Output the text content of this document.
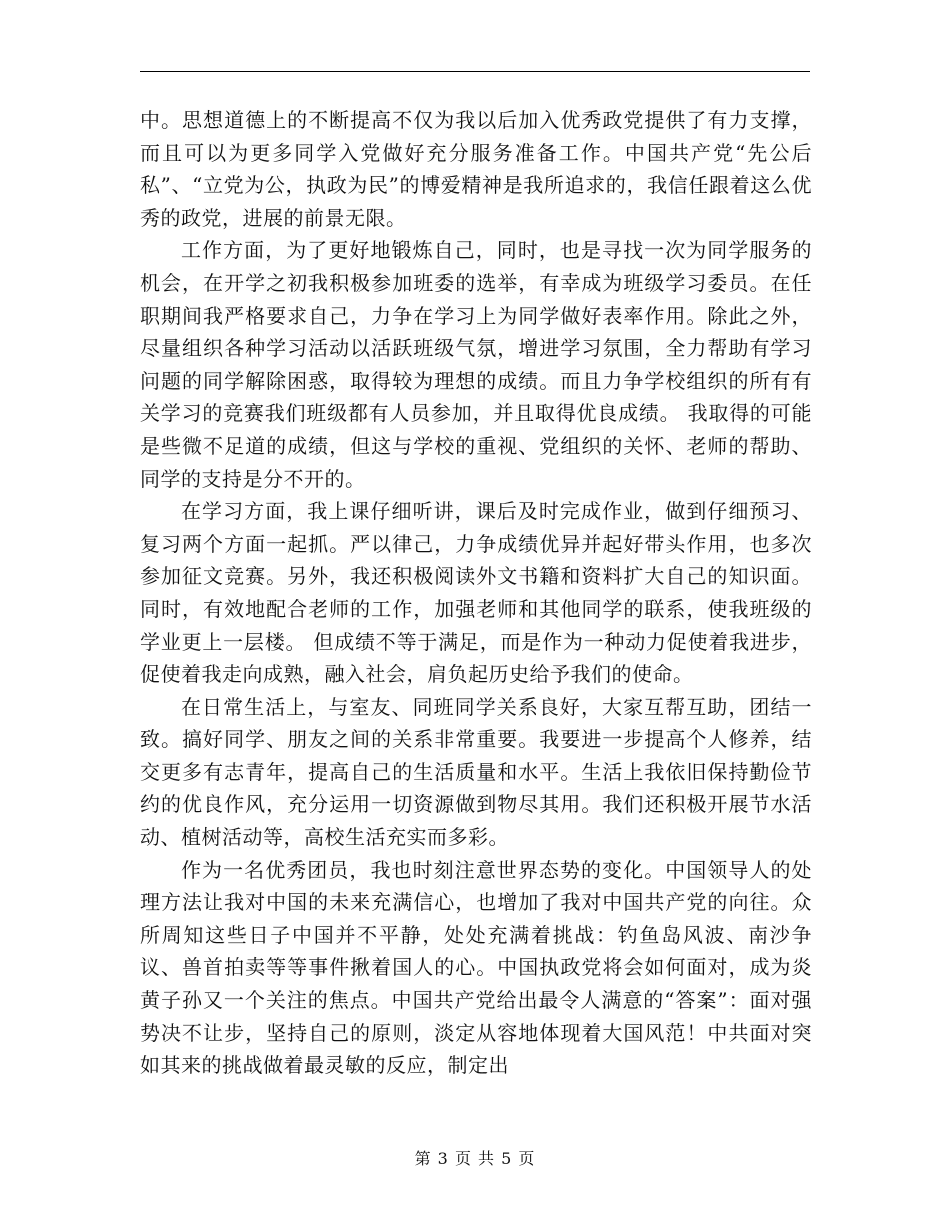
中。思想道德上的不断提高不仅为我以后加入优秀政党提供了有力支撑，而且可以为更多同学入党做好充分服务准备工作。中国共产党“先公后私”、“立党为公，执政为民”的博爱精神是我所追求的，我信任跟着这么优秀的政党，进展的前景无限。

工作方面，为了更好地锻炼自己，同时，也是寻找一次为同学服务的机会，在开学之初我积极参加班委的选举，有幸成为班级学习委员。在任职期间我严格要求自己，力争在学习上为同学做好表率作用。除此之外，尽量组织各种学习活动以活跃班级气氛，增进学习氛围，全力帮助有学习问题的同学解除困惑，取得较为理想的成绩。而且力争学校组织的所有有关学习的竞赛我们班级都有人员参加，并且取得优良成绩。 我取得的可能是些微不足道的成绩，但这与学校的重视、党组织的关怀、老师的帮助、同学的支持是分不开的。

在学习方面，我上课仔细听讲，课后及时完成作业，做到仔细预习、复习两个方面一起抓。严以律己，力争成绩优异并起好带头作用，也多次参加征文竞赛。另外，我还积极阅读外文书籍和资料扩大自己的知识面。同时，有效地配合老师的工作，加强老师和其他同学的联系，使我班级的学业更上一层楼。 但成绩不等于满足，而是作为一种动力促使着我进步，促使着我走向成熟，融入社会，肩负起历史给予我们的使命。

在日常生活上，与室友、同班同学关系良好，大家互帮互助，团结一致。搞好同学、朋友之间的关系非常重要。我要进一步提高个人修养，结交更多有志青年，提高自己的生活质量和水平。生活上我依旧保持勤俭节约的优良作风，充分运用一切资源做到物尽其用。我们还积极开展节水活动、植树活动等，高校生活充实而多彩。

作为一名优秀团员，我也时刻注意世界态势的变化。中国领导人的处理方法让我对中国的未来充满信心，也增加了我对中国共产党的向往。众所周知这些日子中国并不平静，处处充满着挑战：钓鱼岛风波、南沙争议、兽首拍卖等等事件揪着国人的心。中国执政党将会如何面对，成为炎黄子孙又一个关注的焦点。中国共产党给出最令人满意的“答案”：面对强势决不让步，坚持自己的原则，淡定从容地体现着大国风范！中共面对突如其来的挑战做着最灵敏的反应，制定出

第 3 页 共 5 页
